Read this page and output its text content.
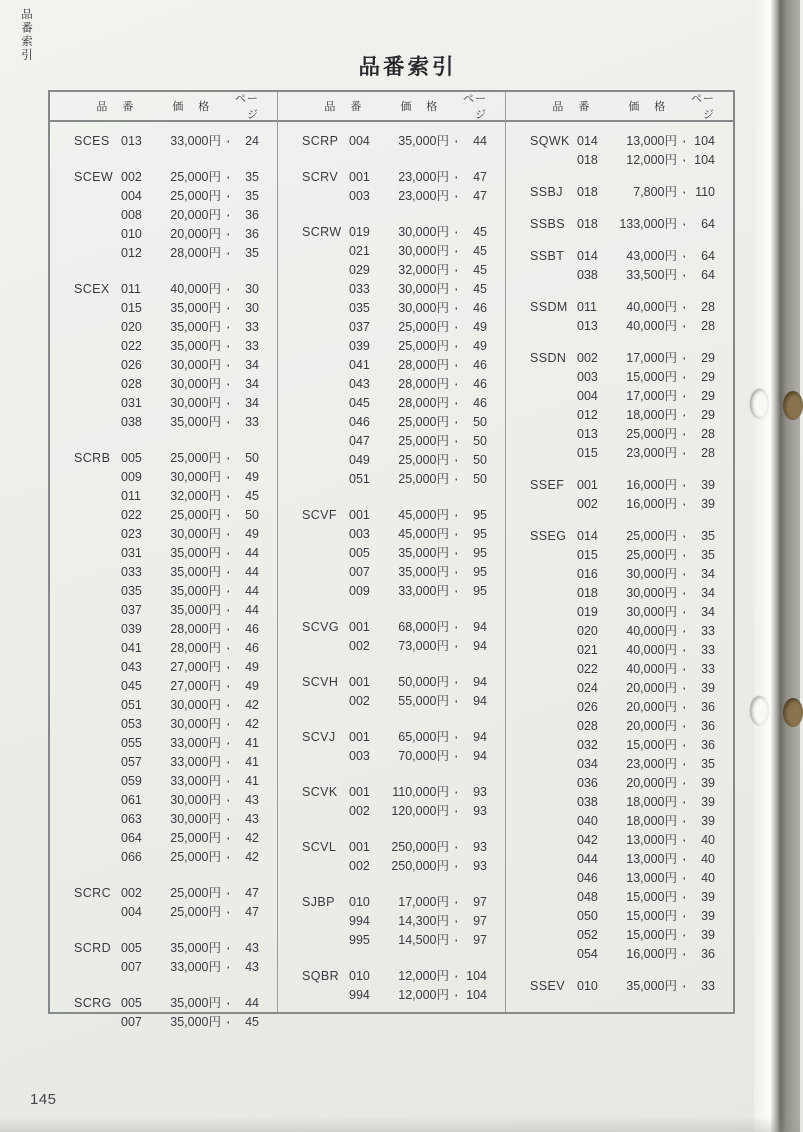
品番索引
品番索引
品　番	価　格
ページ
SCES 013	33,000円	24
SCEW 002	25,000円	35
004	25,000円	35
008	20,000円	36
010	20,000円	36
012	28,000円	35
SCEX 011	40,000円	30
015	35,000円	30
020	35,000円	33
022	35,000円	33
026	30,000円	34
028	30,000円	34
031	30,000円	34
038	35,000円	33
SCRB 005	25,000円	50
009	30,000円	49
011	32,000円	45
022	25,000円	50
023	30,000円	49
031	35,000円	44
033	35,000円	44
035	35,000円	44
037	35,000円	44
039	28,000円	46
041	28,000円	46
043	27,000円	49
045	27,000円	49
051	30,000円	42
053	30,000円	42
055	33,000円	41
057	33,000円	41
059	33,000円	41
061	30,000円	43
063	30,000円	43
064	25,000円	42
066	25,000円	42
SCRC 002	25,000円	47
004	25,000円	47
SCRD 005	35,000円	43
007	33,000円	43
SCRG 005	35,000円	44
007	35,000円	45
品　番	価　格
ページ
SCRP 004	35,000円	44
SCRV 001	23,000円	47
003	23,000円	47
SCRW 019	30,000円	45
021	30,000円	45
029	32,000円	45
033	30,000円	45
035	30,000円	46
037	25,000円	49
039	25,000円	49
041	28,000円	46
043	28,000円	46
045	28,000円	46
046	25,000円	50
047	25,000円	50
049	25,000円	50
051	25,000円	50
SCVF 001	45,000円	95
003	45,000円	95
005	35,000円	95
007	35,000円	95
009	33,000円	95
SCVG 001	68,000円	94
002	73,000円	94
SCVH 001	50,000円	94
002	55,000円	94
SCVJ	001	65,000円	94
003	70,000円	94
SCVK 001	110,000円	93
002	120,000円	93
SCVL	001	250,000円	93
002	250,000円	93
SJBP	010	17,000円	97
994	14,300円	97
995	14,500円	97
SQBR 010	12,000円	104
994	12,000円	104
品　番	価　格
ページ
SQWK 014	13,000円	104
018	12,000円	104
SSBJ	018	7,800円	110
SSBS 018	133,000円	64
SSBT	014	43,000円	64
038	33,500円	64
SSDM 011	40,000円	28
013	40,000円	28
SSDN 002	17,000円	29
003	15,000円	29
004	17,000円	29
012	18,000円	29
013	25,000円	28
015	23,000円	28
SSEF	001	16,000円	39
002	16,000円	39
SSEG 014	25,000円	35
015	25,000円	35
016	30,000円	34
018	30,000円	34
019	30,000円	34
020	40,000円	33
021	40,000円	33
022	40,000円	33
024	20,000円	39
026	20,000円	36
028	20,000円	36
032	15,000円	36
034	23,000円	35
036	20,000円	39
038	18,000円	39
040	18,000円	39
042	13,000円	40
044	13,000円	40
046	13,000円	40
048	15,000円	39
050	15,000円	39
052	15,000円	39
054	16,000円	36
SSEV 010	35,000円	33
145
